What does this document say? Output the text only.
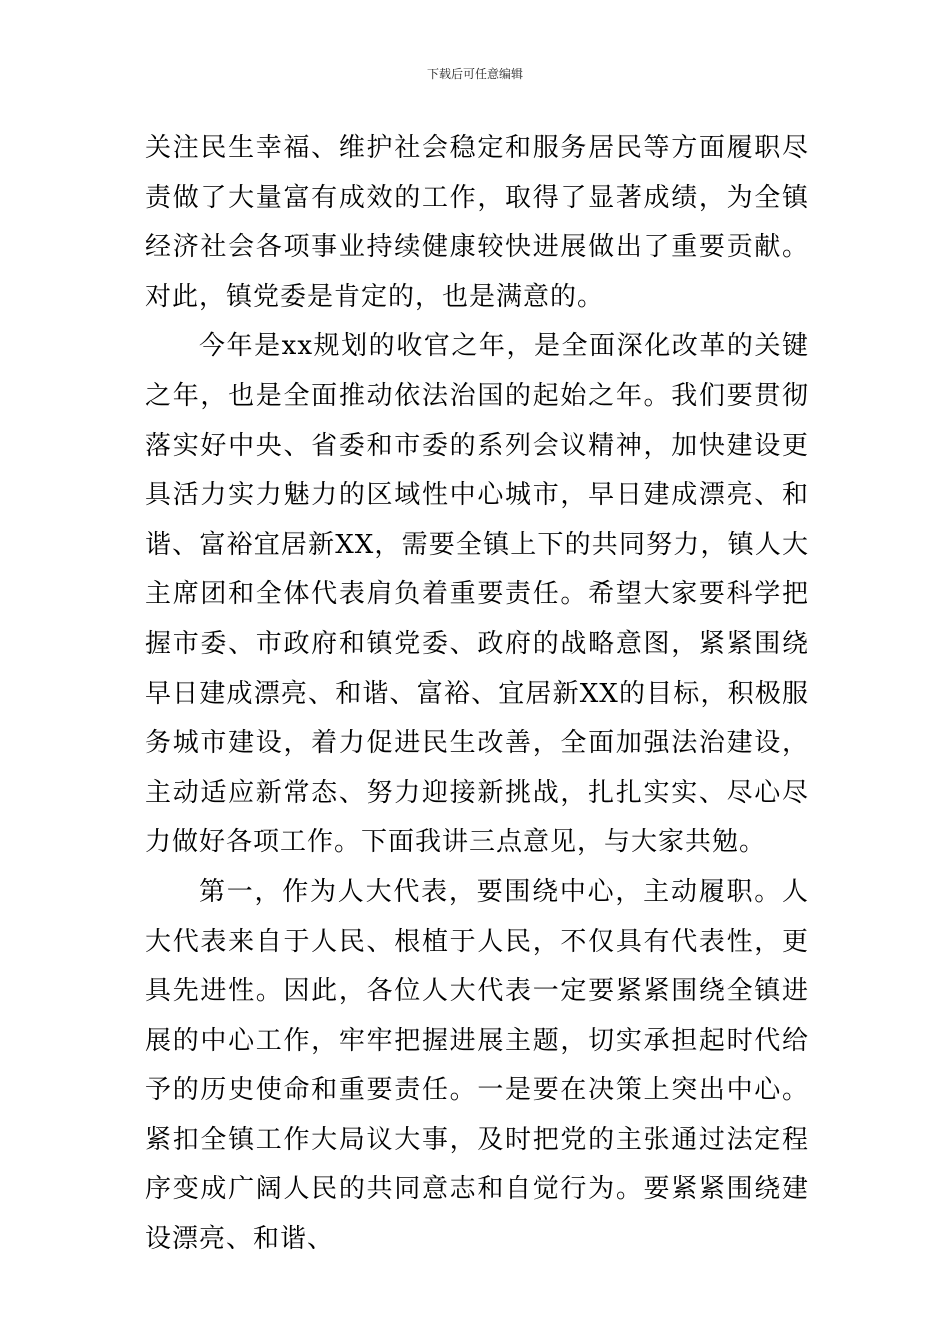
下载后可任意编辑

关注民生幸福、维护社会稳定和服务居民等方面履职尽责做了大量富有成效的工作，取得了显著成绩，为全镇经济社会各项事业持续健康较快进展做出了重要贡献。对此，镇党委是肯定的，也是满意的。

今年是xx规划的收官之年，是全面深化改革的关键之年，也是全面推动依法治国的起始之年。我们要贯彻落实好中央、省委和市委的系列会议精神，加快建设更具活力实力魅力的区域性中心城市，早日建成漂亮、和谐、富裕宜居新XX，需要全镇上下的共同努力，镇人大主席团和全体代表肩负着重要责任。希望大家要科学把握市委、市政府和镇党委、政府的战略意图，紧紧围绕早日建成漂亮、和谐、富裕、宜居新XX的目标，积极服务城市建设，着力促进民生改善，全面加强法治建设，主动适应新常态、努力迎接新挑战，扎扎实实、尽心尽力做好各项工作。下面我讲三点意见，与大家共勉。

第一，作为人大代表，要围绕中心，主动履职。人大代表来自于人民、根植于人民，不仅具有代表性，更具先进性。因此，各位人大代表一定要紧紧围绕全镇进展的中心工作，牢牢把握进展主题，切实承担起时代给予的历史使命和重要责任。一是要在决策上突出中心。紧扣全镇工作大局议大事，及时把党的主张通过法定程序变成广阔人民的共同意志和自觉行为。要紧紧围绕建设漂亮、和谐、
